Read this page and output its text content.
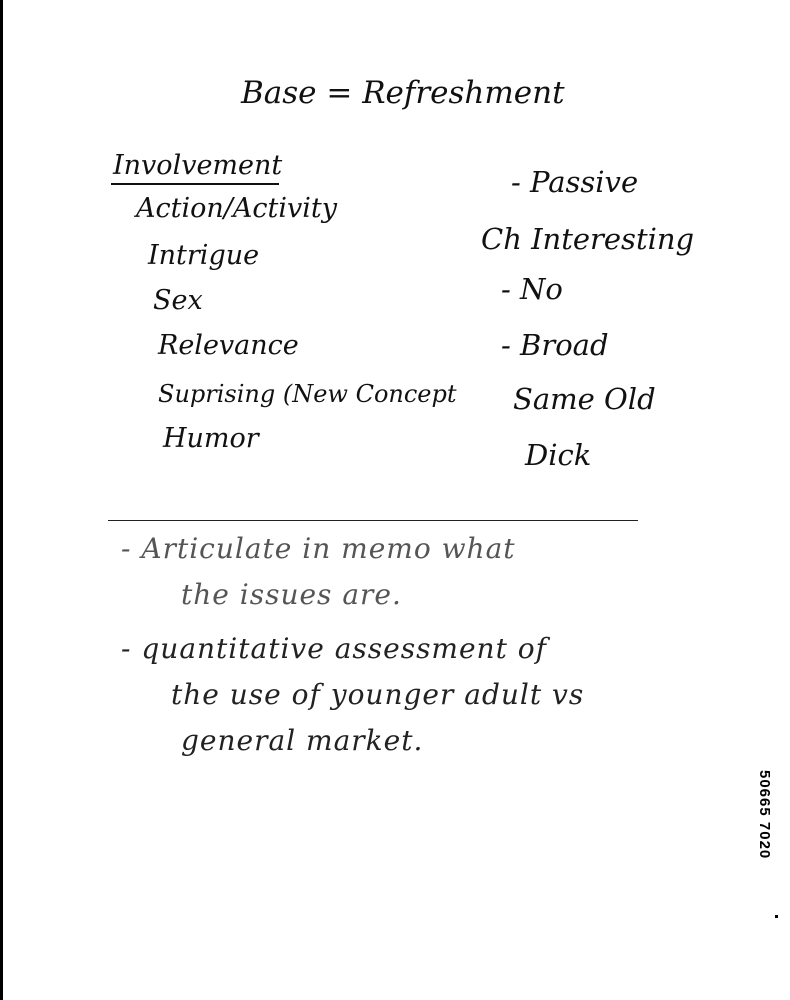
Base = Refreshment
Involvement
Action/Activity
Intrigue
Sex
Relevance
Suprising (New Concept
Humor
- Passive
Ch Interesting
- No
- Broad
Same Old
Dick
- Articulate in memo what
the issues are.
- quantitative assessment of
the use of younger adult vs
general market.
50665 7020
